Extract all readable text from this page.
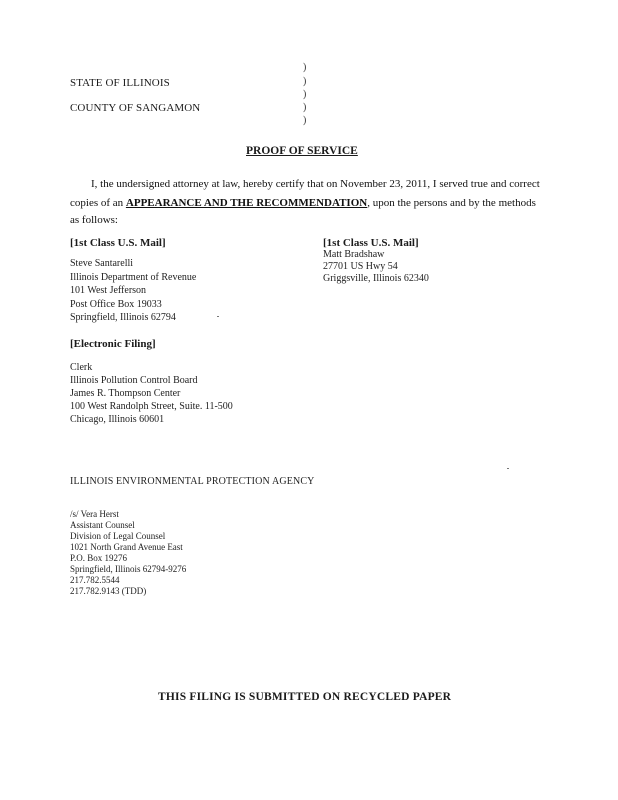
STATE OF ILLINOIS
COUNTY OF SANGAMON
)
)
)
)
)
PROOF OF SERVICE
I, the undersigned attorney at law, hereby certify that on November 23, 2011, I served true and correct
copies of an APPEARANCE AND THE RECOMMENDATION, upon the persons and by the methods
as follows:
[1st Class U.S. Mail]
Steve Santarelli
Illinois Department of Revenue
101 West Jefferson
Post Office Box 19033
Springfield, Illinois 62794
[1st Class U.S. Mail]
Matt Bradshaw
27701 US Hwy 54
Griggsville, Illinois 62340
[Electronic Filing]
Clerk
Illinois Pollution Control Board
James R. Thompson Center
100 West Randolph Street, Suite. 11-500
Chicago, Illinois 60601
ILLINOIS ENVIRONMENTAL PROTECTION AGENCY
/s/ Vera Herst
Assistant Counsel
Division of Legal Counsel
1021 North Grand Avenue East
P.O. Box 19276
Springfield, Illinois 62794-9276
217.782.5544
217.782.9143 (TDD)
THIS FILING IS SUBMITTED ON RECYCLED PAPER
